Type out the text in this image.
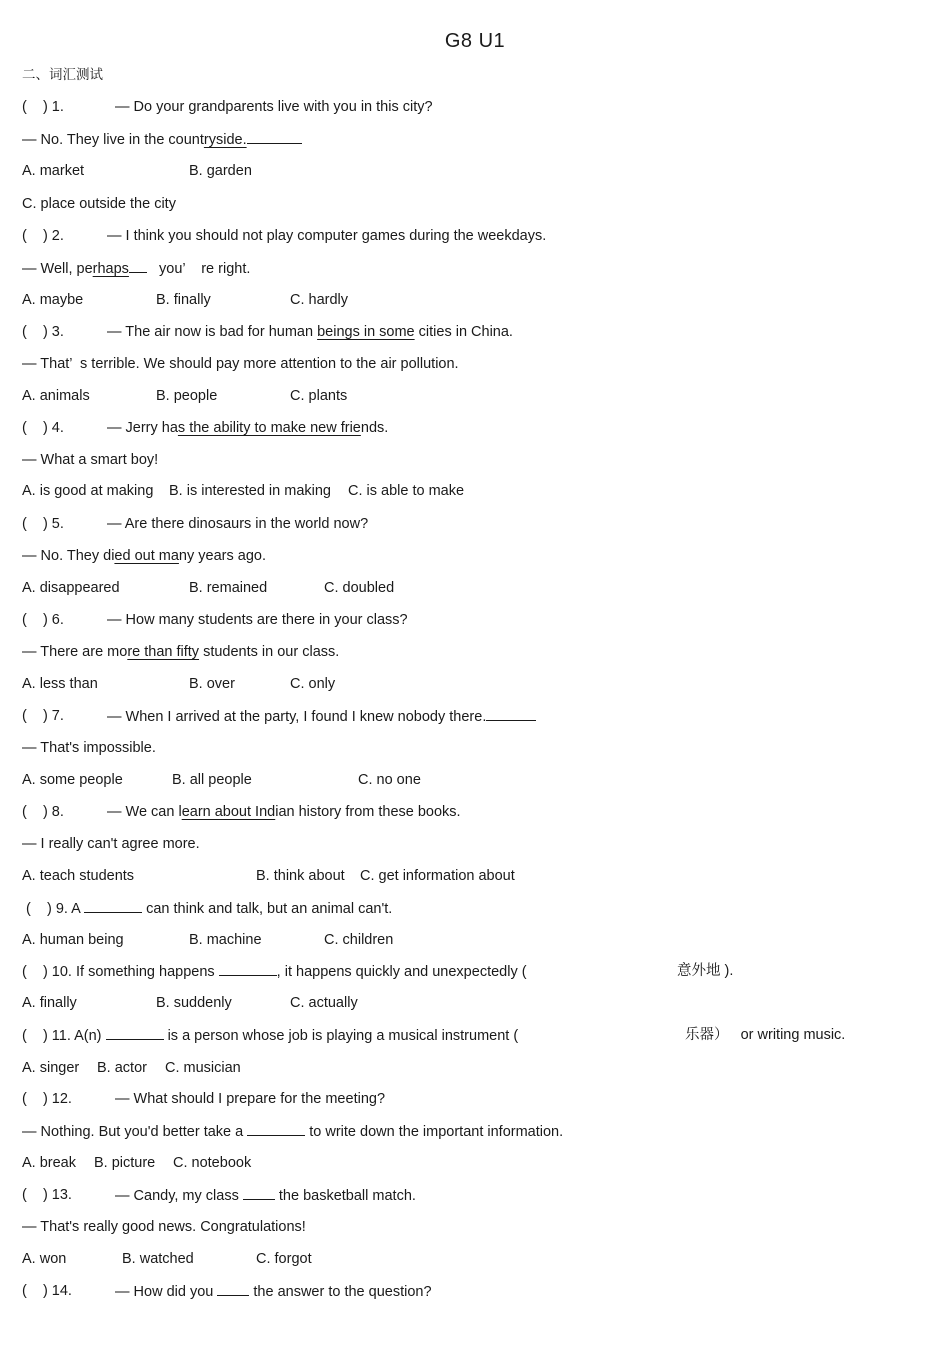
G8 U1
二、词汇测试
(    ) 1.	— Do your grandparents live with you in this city?
— No. They live in the countryside.
A. market	B. garden
C. place outside the city
(    ) 2.	— I think you should not play computer games during the weekdays.
— Well, perhaps you’ re right.
A. maybe	B. finally	C. hardly
(    ) 3.	— The air now is bad for human beings in some cities in China.
— That’  s terrible. We should pay more attention to the air pollution.
A. animals	B. people	C. plants
(    ) 4.	— Jerry has the ability to make new friends.
— What a smart boy!
A. is good at making B. is interested in making C. is able to make
(    ) 5.	— Are there dinosaurs in the world now?
— No. They died out many years ago.
A. disappeared	B. remained	C. doubled
(    ) 6.	— How many students are there in your class?
— There are more than fifty students in our class.
A. less than	B. over	C. only
(    ) 7.	— When I arrived at the party, I found I knew nobody there.
— That's impossible.
A. some people	B. all people	C. no one
(    ) 8.	— We can learn about Indian history from these books.
— I really can't agree more.
A. teach students	B. think about C. get information about
(    ) 9. A	can think and talk, but an animal can't.
A. human being	B. machine	C. children
(    ) 10. If something happens	, it happens quickly and unexpectedly (	意外地 ).
A. finally	B. suddenly	C. actually
(    ) 11. A(n)	is a person whose job is playing a musical instrument (	乐器） or writing music.
A. singer B. actor C. musician
(    ) 12.	— What should I prepare for the meeting?
— Nothing. But you'd better take a	to write down the important information.
A. break B. picture C. notebook
(    ) 13.	— Candy, my class	the basketball match.
— That's really good news. Congratulations!
A. won	B. watched	C. forgot
(    ) 14.	— How did you	the answer to the question?
